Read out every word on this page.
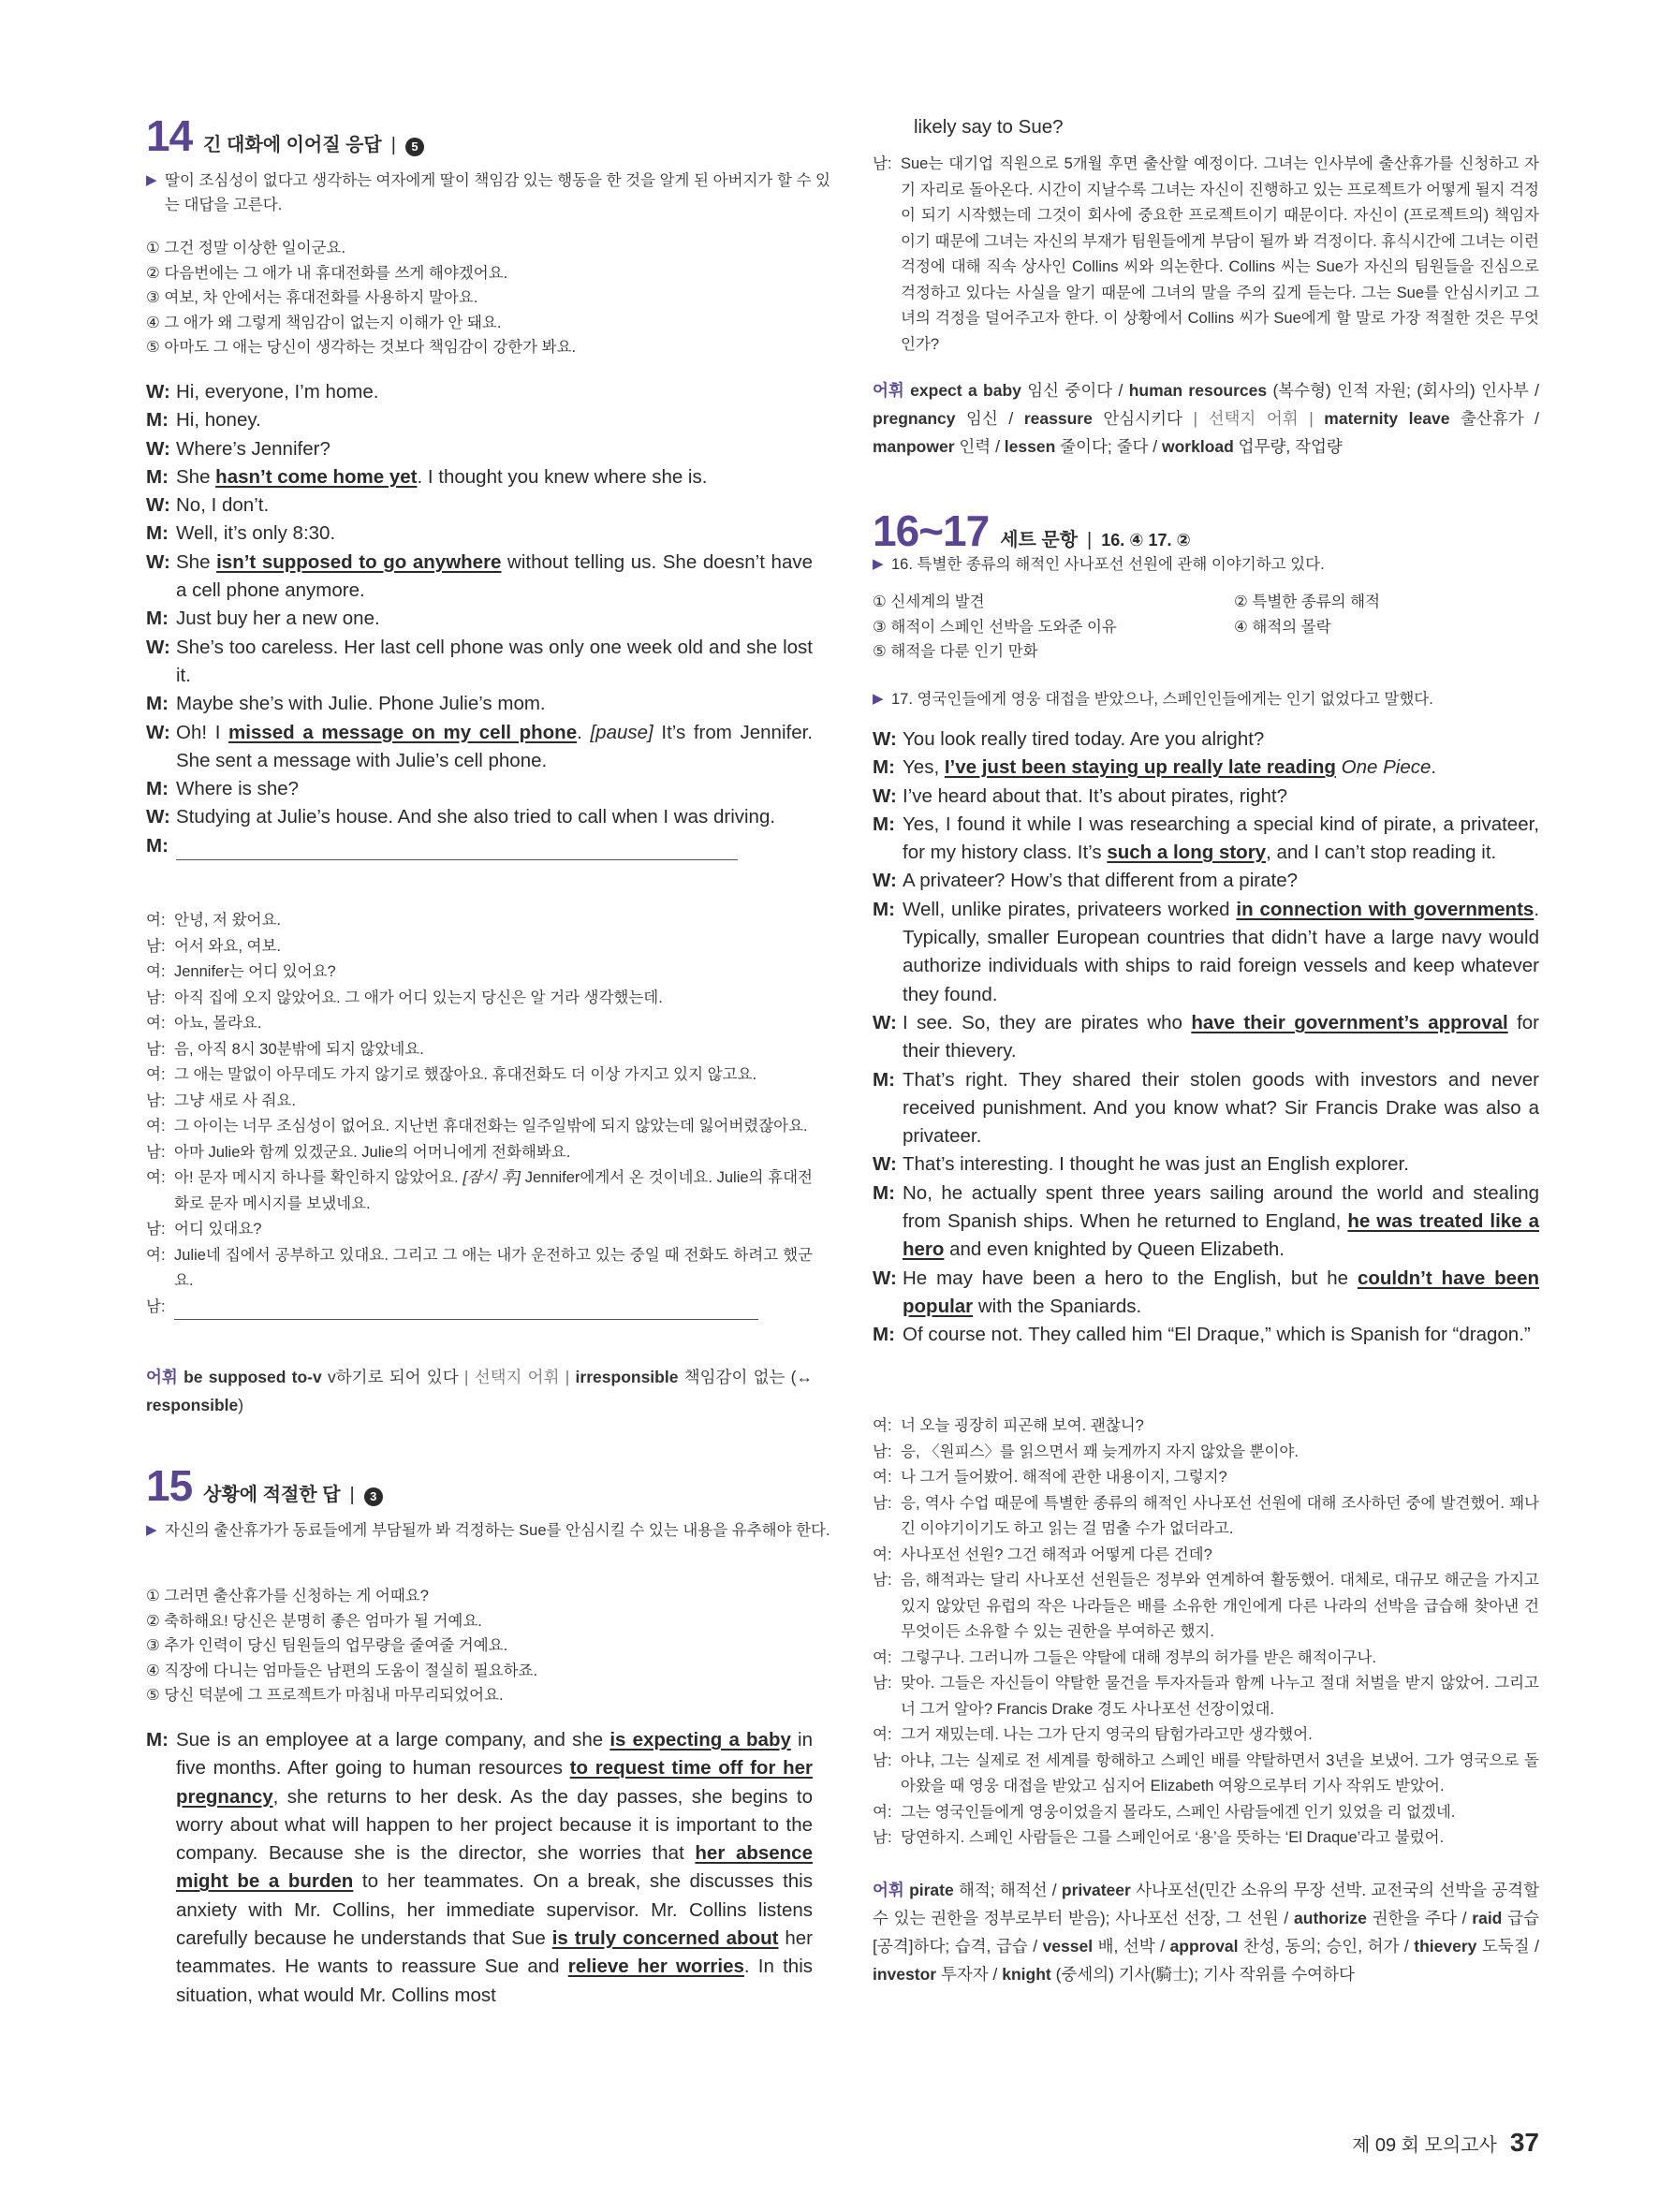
14 긴 대화에 이어질 응답 |	5
▶ 딸이 조심성이 없다고 생각하는 여자에게 딸이 책임감 있는 행동을 한 것을 알게 된 아버지가 할 수 있는 대답을 고른다.
① 그건 정말 이상한 일이군요.
② 다음번에는 그 애가 내 휴대전화를 쓰게 해야겠어요.
③ 여보, 차 안에서는 휴대전화를 사용하지 말아요.
④ 그 애가 왜 그렇게 책임감이 없는지 이해가 안 돼요.
⑤ 아마도 그 애는 당신이 생각하는 것보다 책임감이 강한가 봐요.
W: Hi, everyone, I’m home.
M: Hi, honey.
W: Where’s Jennifer?
M: She hasn’t come home yet. I thought you knew where she is.
W: No, I don’t.
M: Well, it’s only 8:30.
W: She isn’t supposed to go anywhere without telling us. She doesn’t have a cell phone anymore.
M: Just buy her a new one.
W: She’s too careless. Her last cell phone was only one week old and she lost it.
M: Maybe she’s with Julie. Phone Julie’s mom.
W: Oh! I missed a message on my cell phone. [pause] It’s from Jennifer. She sent a message with Julie’s cell phone.
M: Where is she?
W: Studying at Julie’s house. And she also tried to call when I was driving.
M:
여: 안녕, 저 왔어요.
남: 어서 와요, 여보.
여: Jennifer는 어디 있어요?
남: 아직 집에 오지 않았어요. 그 애가 어디 있는지 당신은 알 거라 생각했는데.
여: 아뇨, 몰라요.
남: 음, 아직 8시 30분밖에 되지 않았네요.
여: 그 애는 말없이 아무데도 가지 않기로 했잖아요. 휴대전화도 더 이상 가지고 있지 않고요.
남: 그냥 새로 사 줘요.
여: 그 아이는 너무 조심성이 없어요. 지난번 휴대전화는 일주일밖에 되지 않았는데 잃어버렸잖아요.
남: 아마 Julie와 함께 있겠군요. Julie의 어머니에게 전화해봐요.
여: 아! 문자 메시지 하나를 확인하지 않았어요. [잠시 후] Jennifer에게서 온 것이네요. Julie의 휴대전화로 문자 메시지를 보냈네요.
남: 어디 있대요?
여: Julie네 집에서 공부하고 있대요. 그리고 그 애는 내가 운전하고 있는 중일 때 전화도 하려고 했군요.
남:
어휘 be supposed to-v v하기로 되어 있다 | 선택지 어휘 | irresponsible 책임감이 없는 (↔ responsible)
15 상황에 적절한 답 |	3
▶ 자신의 출산휴가가 동료들에게 부담될까 봐 걱정하는 Sue를 안심시킬 수 있는 내용을 유추해야 한다.
① 그러면 출산휴가를 신청하는 게 어때요?
② 축하해요! 당신은 분명히 좋은 엄마가 될 거예요.
③ 추가 인력이 당신 팀원들의 업무량을 줄여줄 거예요.
④ 직장에 다니는 엄마들은 남편의 도움이 절실히 필요하죠.
⑤ 당신 덕분에 그 프로젝트가 마침내 마무리되었어요.
M: Sue is an employee at a large company, and she is expecting a baby in five months. After going to human resources to request time off for her pregnancy, she returns to her desk. As the day passes, she begins to worry about what will happen to her project because it is important to the company. Because she is the director, she worries that her absence might be a burden to her teammates. On a break, she discusses this anxiety with Mr. Collins, her immediate supervisor. Mr. Collins listens carefully because he understands that Sue is truly concerned about her teammates. He wants to reassure Sue and relieve her worries. In this situation, what would Mr. Collins most
likely say to Sue?
남: Sue는 대기업 직원으로 5개월 후면 출산할 예정이다. 그녀는 인사부에 출산휴가를 신청하고 자기 자리로 돌아온다. 시간이 지날수록 그녀는 자신이 진행하고 있는 프로젝트가 어떻게 될지 걱정이 되기 시작했는데 그것이 회사에 중요한 프로젝트이기 때문이다. 자신이 (프로젝트의) 책임자이기 때문에 그녀는 자신의 부재가 팀원들에게 부담이 될까 봐 걱정이다. 휴식시간에 그녀는 이런 걱정에 대해 직속 상사인 Collins 씨와 의논한다. Collins 씨는 Sue가 자신의 팀원들을 진심으로 걱정하고 있다는 사실을 알기 때문에 그녀의 말을 주의 깊게 듣는다. 그는 Sue를 안심시키고 그녀의 걱정을 덜어주고자 한다. 이 상황에서 Collins 씨가 Sue에게 할 말로 가장 적절한 것은 무엇인가?
어휘 expect a baby 임신 중이다 / human resources (복수형) 인적 자원; (회사의) 인사부 / pregnancy 임신 / reassure 안심시키다 | 선택지 어휘 | maternity leave 출산휴가 / manpower 인력 / lessen 줄이다; 줄다 / workload 업무량, 작업량
16~17 세트 문항 | 16. ④ 17. ②
▶ 16. 특별한 종류의 해적인 사나포선 선원에 관해 이야기하고 있다.
① 신세계의 발견	② 특별한 종류의 해적
③ 해적이 스페인 선박을 도와준 이유	④ 해적의 몰락
⑤ 해적을 다룬 인기 만화
▶ 17. 영국인들에게 영웅 대접을 받았으나, 스페인인들에게는 인기 없었다고 말했다.
W: You look really tired today. Are you alright?
M: Yes, I’ve just been staying up really late reading One Piece.
W: I’ve heard about that. It’s about pirates, right?
M: Yes, I found it while I was researching a special kind of pirate, a privateer, for my history class. It’s such a long story, and I can’t stop reading it.
W: A privateer? How’s that different from a pirate?
M: Well, unlike pirates, privateers worked in connection with governments. Typically, smaller European countries that didn’t have a large navy would authorize individuals with ships to raid foreign vessels and keep whatever they found.
W: I see. So, they are pirates who have their government’s approval for their thievery.
M: That’s right. They shared their stolen goods with investors and never received punishment. And you know what? Sir Francis Drake was also a privateer.
W: That’s interesting. I thought he was just an English explorer.
M: No, he actually spent three years sailing around the world and stealing from Spanish ships. When he returned to England, he was treated like a hero and even knighted by Queen Elizabeth.
W: He may have been a hero to the English, but he couldn’t have been popular with the Spaniards.
M: Of course not. They called him “El Draque,” which is Spanish for “dragon.”
여: 너 오늘 굉장히 피곤해 보여. 괜찮니?
남: 응, 〈원피스〉를 읽으면서 꽤 늦게까지 자지 않았을 뿐이야.
여: 나 그거 들어봤어. 해적에 관한 내용이지, 그렇지?
남: 응, 역사 수업 때문에 특별한 종류의 해적인 사나포선 선원에 대해 조사하던 중에 발견했어. 꽤나 긴 이야기이기도 하고 읽는 걸 멈출 수가 없더라고.
여: 사나포선 선원? 그건 해적과 어떻게 다른 건데?
남: 음, 해적과는 달리 사나포선 선원들은 정부와 연계하여 활동했어. 대체로, 대규모 해군을 가지고 있지 않았던 유럽의 작은 나라들은 배를 소유한 개인에게 다른 나라의 선박을 급습해 찾아낸 건 무엇이든 소유할 수 있는 권한을 부여하곤 했지.
여: 그렇구나. 그러니까 그들은 약탈에 대해 정부의 허가를 받은 해적이구나.
남: 맞아. 그들은 자신들이 약탈한 물건을 투자자들과 함께 나누고 절대 처벌을 받지 않았어. 그리고 너 그거 알아? Francis Drake 경도 사나포선 선장이었대.
여: 그거 재밌는데. 나는 그가 단지 영국의 탐험가라고만 생각했어.
남: 아냐, 그는 실제로 전 세계를 항해하고 스페인 배를 약탈하면서 3년을 보냈어. 그가 영국으로 돌아왔을 때 영웅 대접을 받았고 심지어 Elizabeth 여왕으로부터 기사 작위도 받았어.
여: 그는 영국인들에게 영웅이었을지 몰라도, 스페인 사람들에겐 인기 있었을 리 없겠네.
남: 당연하지. 스페인 사람들은 그를 스페인어로 ‘용’을 뜻하는 ‘El Draque’라고 불렀어.
어휘 pirate 해적; 해적선 / privateer 사나포선(민간 소유의 무장 선박. 교전국의 선박을 공격할 수 있는 권한을 정부로부터 받음); 사나포선 선장, 그 선원 / authorize 권한을 주다 / raid 급습[공격]하다; 습격, 급습 / vessel 배, 선박 / approval 찬성, 동의; 승인, 허가 / thievery 도둑질 / investor 투자자 / knight (중세의) 기사(騎士); 기사 작위를 수여하다
제 09 회 모의고사 37
